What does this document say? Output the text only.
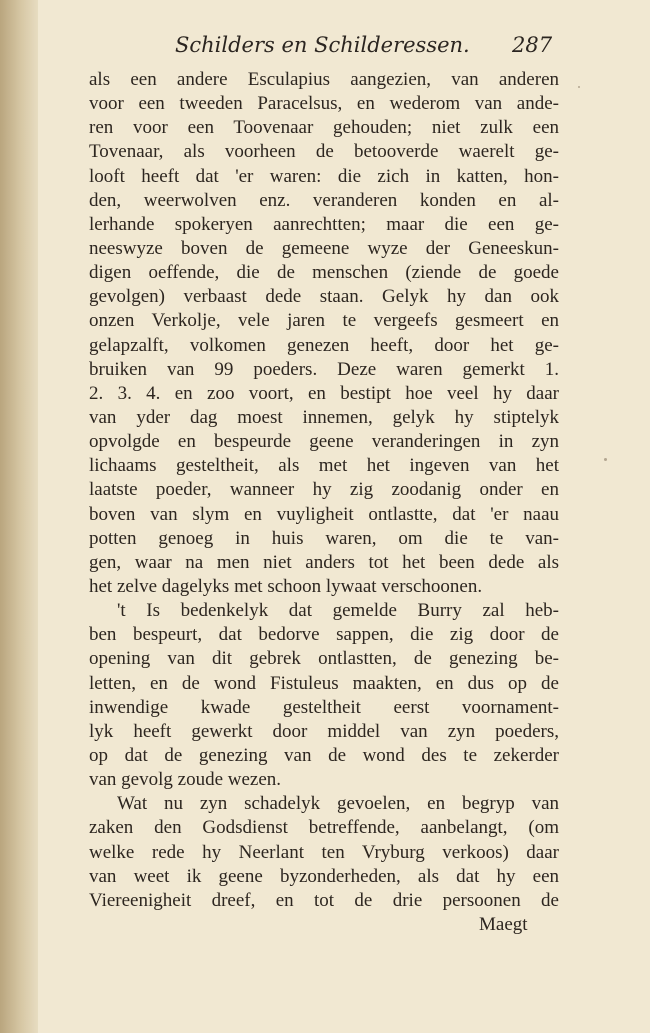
Schilders en Schilderessen. 287
als een andere Esculapius aangezien, van anderen
voor een tweeden Paracelsus, en wederom van ande-
ren voor een Toovenaar gehouden; niet zulk een
Tovenaar, als voorheen de betooverde waerelt ge-
looft heeft dat 'er waren: die zich in katten, hon-
den, weerwolven enz. veranderen konden en al-
lerhande spokeryen aanrechtten; maar die een ge-
neeswyze boven de gemeene wyze der Geneeskun-
digen oeffende, die de menschen (ziende de goede
gevolgen) verbaast dede staan. Gelyk hy dan ook
onzen Verkolje, vele jaren te vergeefs gesmeert en
gelapzalft, volkomen genezen heeft, door het ge-
bruiken van 99 poeders. Deze waren gemerkt 1.
2. 3. 4. en zoo voort, en bestipt hoe veel hy daar
van yder dag moest innemen, gelyk hy stiptelyk
opvolgde en bespeurde geene veranderingen in zyn
lichaams gesteltheit, als met het ingeven van het
laatste poeder, wanneer hy zig zoodanig onder en
boven van slym en vuyligheit ontlastte, dat 'er naau
potten genoeg in huis waren, om die te van-
gen, waar na men niet anders tot het been dede als
het zelve dagelyks met schoon lywaat verschoonen.
't Is bedenkelyk dat gemelde Burry zal heb-
ben bespeurt, dat bedorve sappen, die zig door de
opening van dit gebrek ontlastten, de genezing be-
letten, en de wond Fistuleus maakten, en dus op de
inwendige kwade gesteltheit eerst voornament-
lyk heeft gewerkt door middel van zyn poeders,
op dat de genezing van de wond des te zekerder
van gevolg zoude wezen.
Wat nu zyn schadelyk gevoelen, en begryp van
zaken den Godsdienst betreffende, aanbelangt, (om
welke rede hy Neerlant ten Vryburg verkoos) daar
van weet ik geene byzonderheden, als dat hy een
Viereenigheit dreef, en tot de drie persoonen de
Maegt
